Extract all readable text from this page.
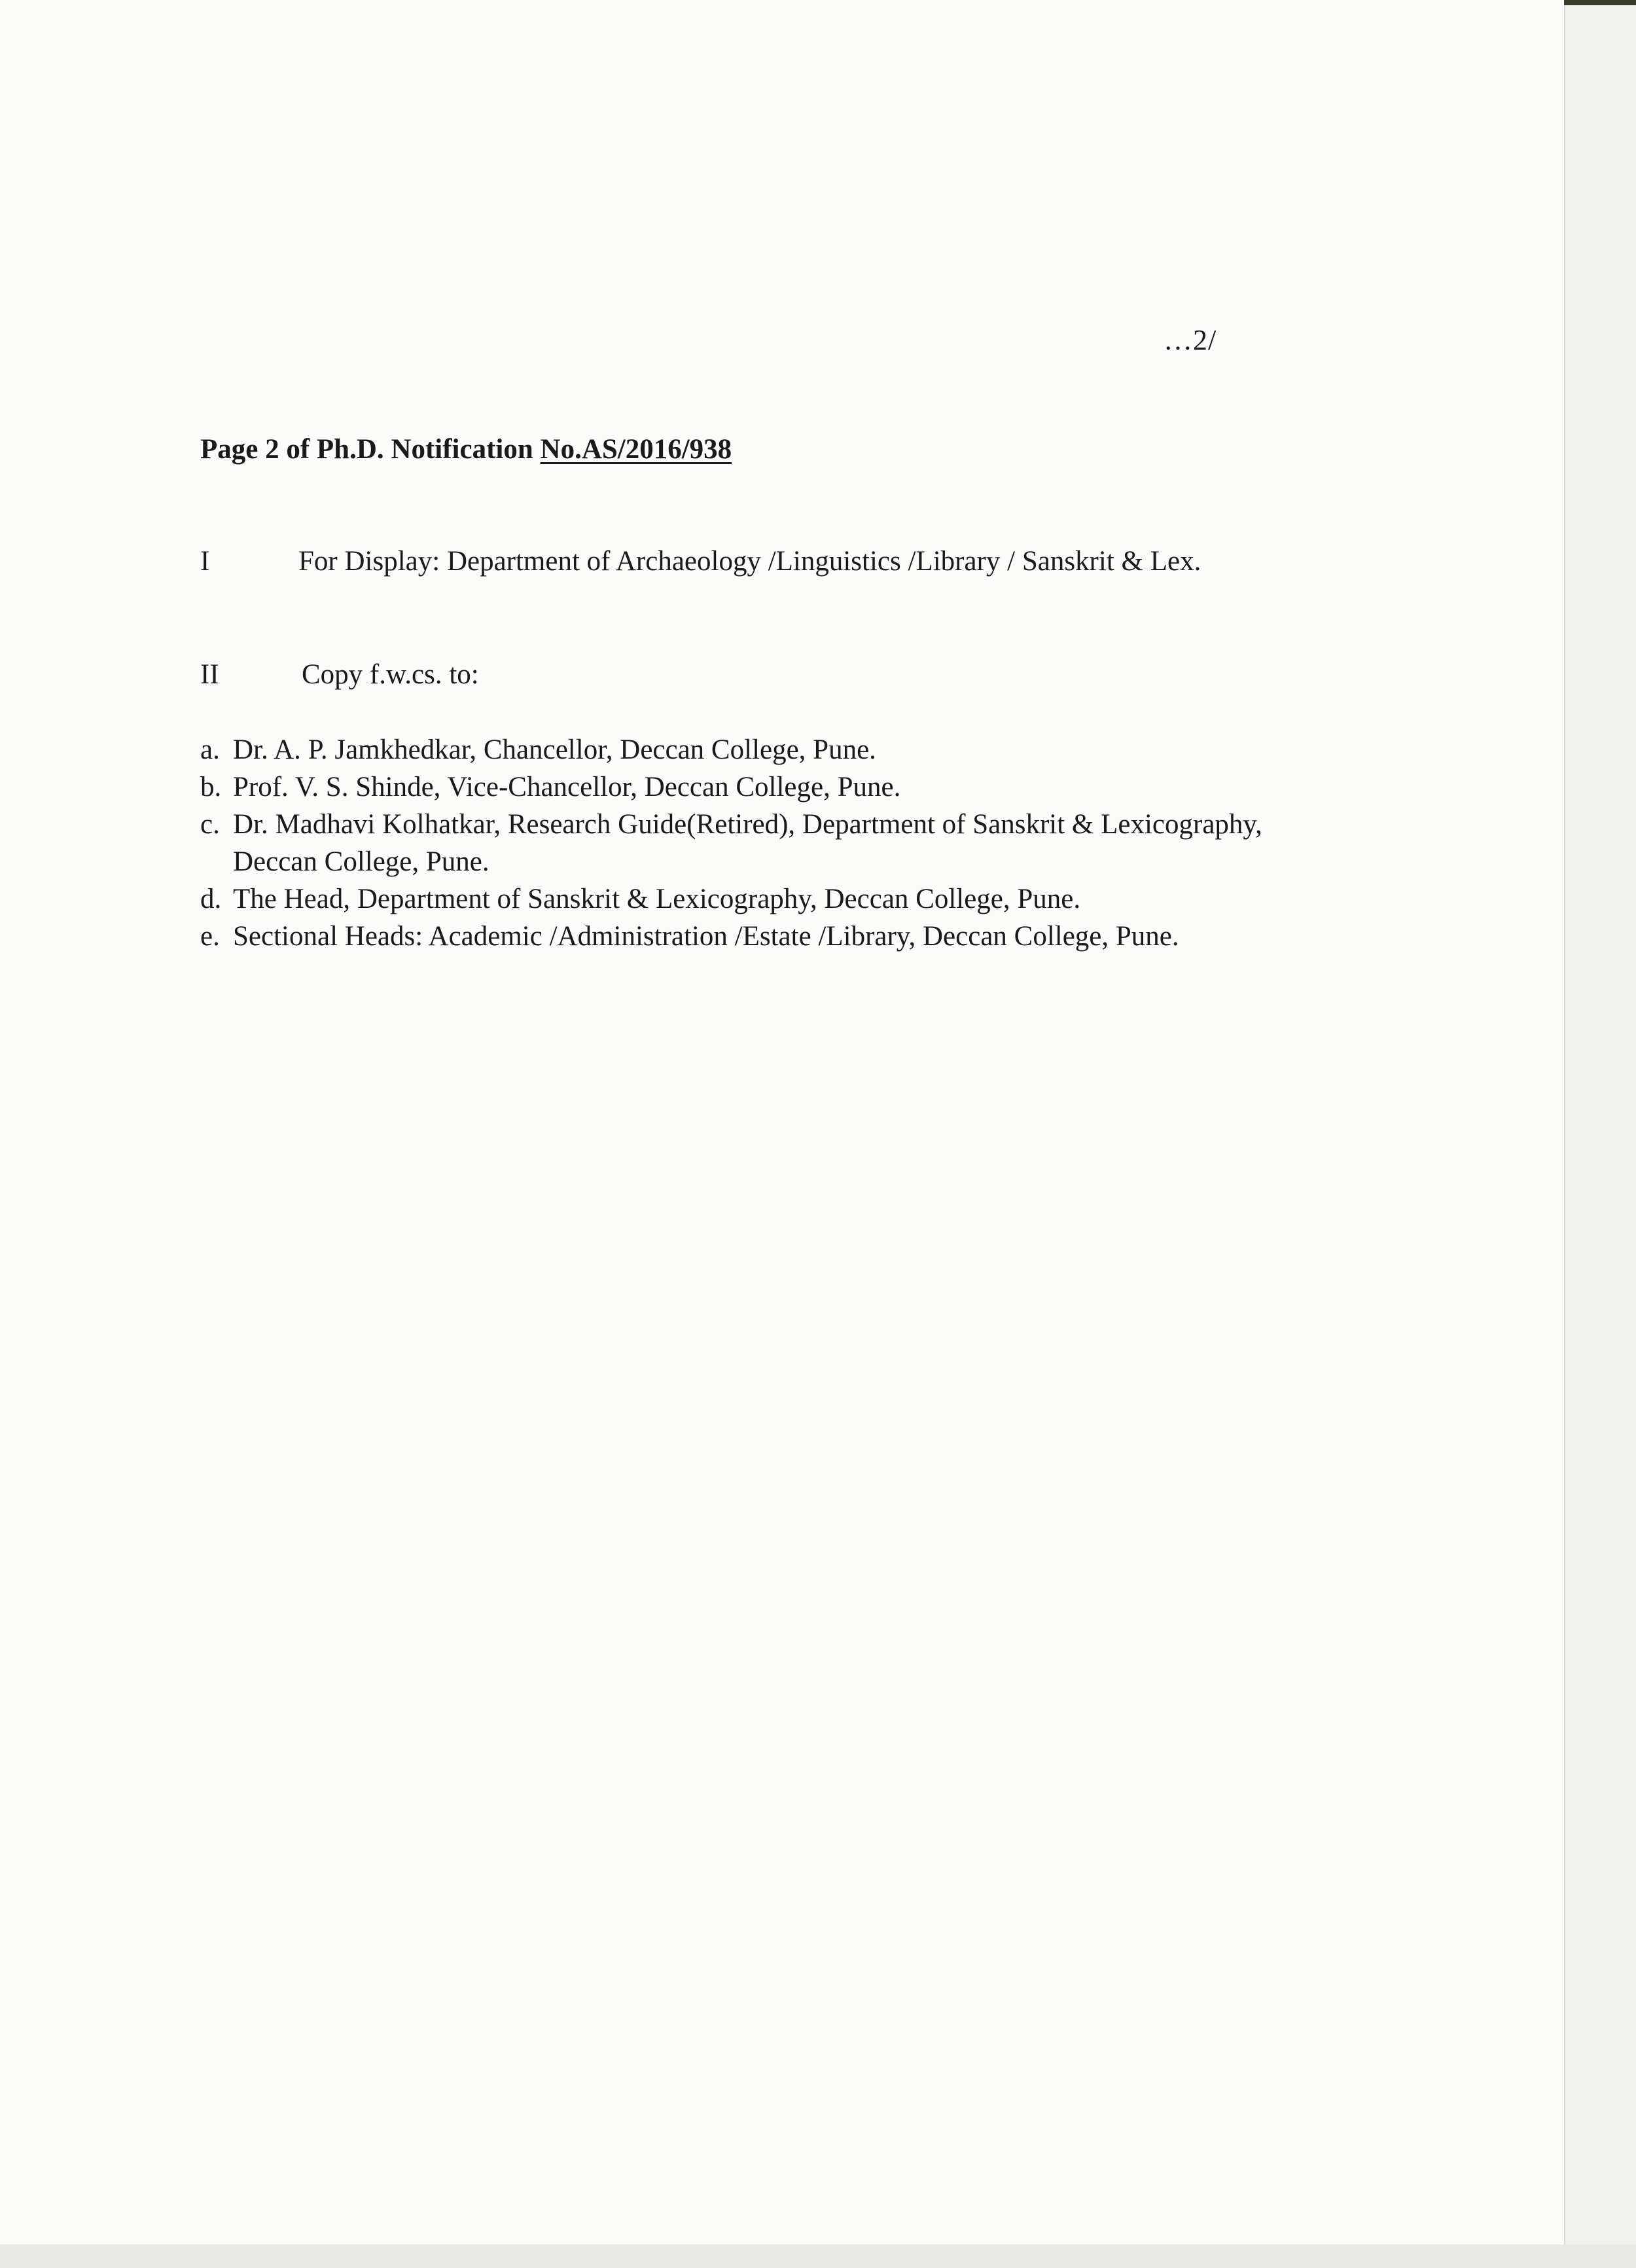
…2/
Page 2 of Ph.D. Notification No.AS/2016/938
I	For Display: Department of Archaeology /Linguistics /Library / Sanskrit & Lex.
II	Copy f.w.cs. to:
a. Dr. A. P. Jamkhedkar, Chancellor, Deccan College, Pune.
b. Prof. V. S. Shinde, Vice-Chancellor, Deccan College, Pune.
c. Dr. Madhavi Kolhatkar, Research Guide(Retired), Department of Sanskrit & Lexicography,
Deccan College, Pune.
d. The Head, Department of Sanskrit & Lexicography, Deccan College, Pune.
e. Sectional Heads: Academic /Administration /Estate /Library, Deccan College, Pune.
